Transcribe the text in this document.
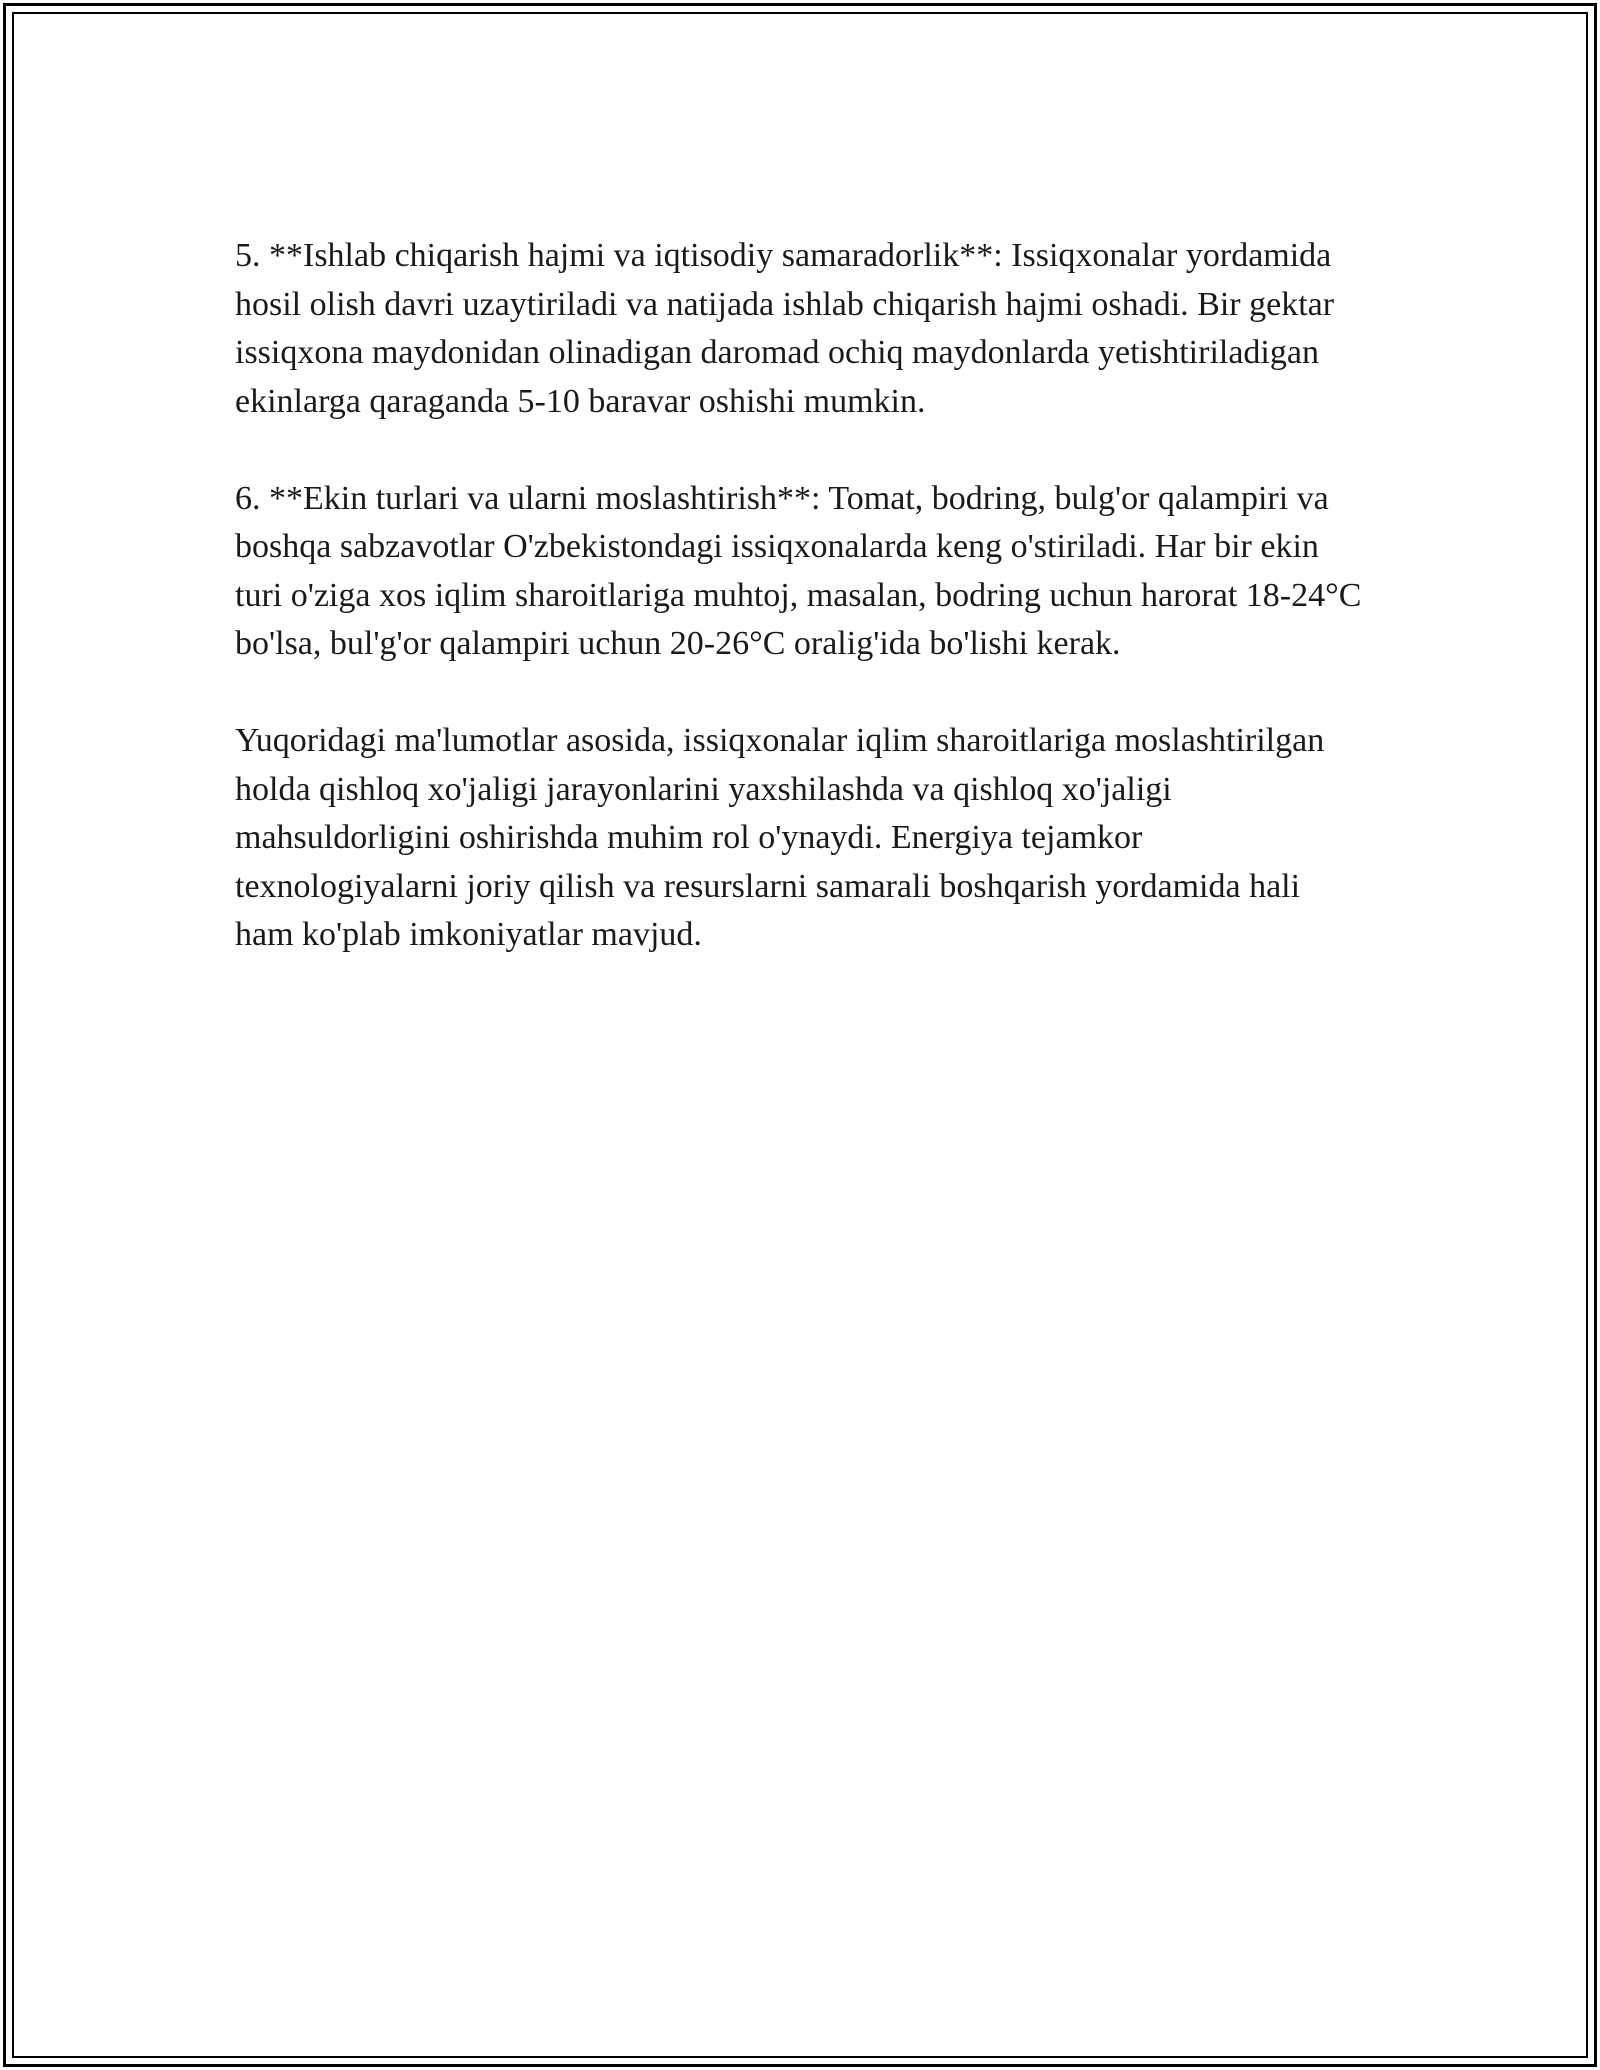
5. **Ishlab chiqarish hajmi va iqtisodiy samaradorlik**: Issiqxonalar yordamida hosil olish davri uzaytiriladi va natijada ishlab chiqarish hajmi oshadi. Bir gektar issiqxona maydonidan olinadigan daromad ochiq maydonlarda yetishtiriladigan ekinlarga qaraganda 5-10 baravar oshishi mumkin.

6. **Ekin turlari va ularni moslashtirish**: Tomat, bodring, bulg'or qalampiri va boshqa sabzavotlar O'zbekistondagi issiqxonalarda keng o'stiriladi. Har bir ekin turi o'ziga xos iqlim sharoitlariga muhtoj, masalan, bodring uchun harorat 18-24°C bo'lsa, bul'g'or qalampiri uchun 20-26°C oralig'ida bo'lishi kerak.

Yuqoridagi ma'lumotlar asosida, issiqxonalar iqlim sharoitlariga moslashtirilgan holda qishloq xo'jaligi jarayonlarini yaxshilashda va qishloq xo'jaligi mahsuldorligini oshirishda muhim rol o'ynaydi. Energiya tejamkor texnologiyalarni joriy qilish va resurslarni samarali boshqarish yordamida hali ham ko'plab imkoniyatlar mavjud.
